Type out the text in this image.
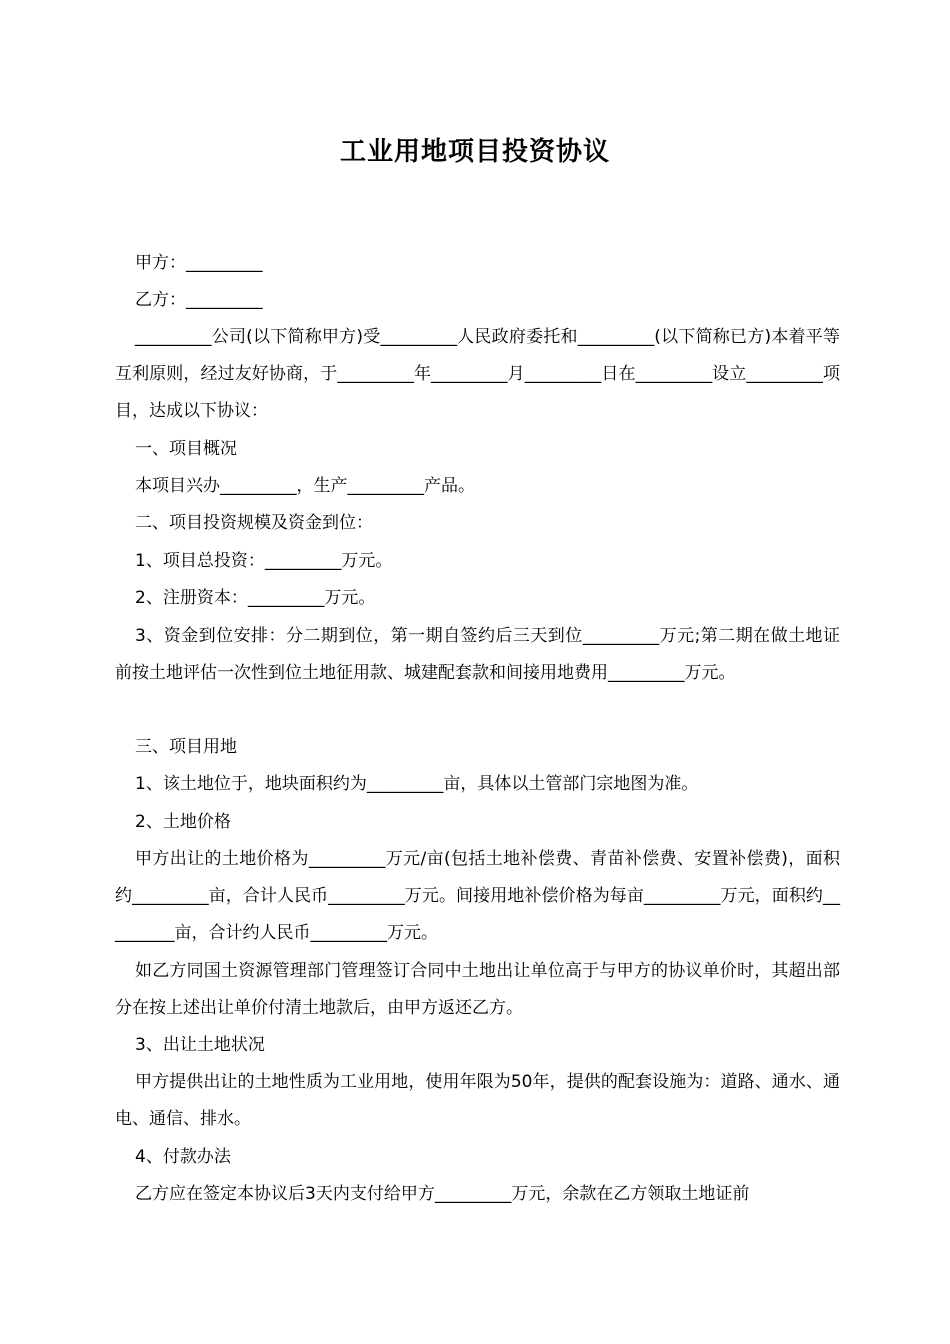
工业用地项目投资协议

甲方：_________

乙方：_________

_________公司(以下简称甲方)受_________人民政府委托和_________(以下简称已方)本着平等互利原则，经过友好协商，于_________年_________月_________日在_________设立_________项目，达成以下协议：

一、项目概况

本项目兴办_________，生产_________产品。

二、项目投资规模及资金到位：

1、项目总投资：_________万元。

2、注册资本：_________万元。

3、资金到位安排：分二期到位，第一期自签约后三天到位_________万元;第二期在做土地证前按土地评估一次性到位土地征用款、城建配套款和间接用地费用_________万元。

三、项目用地

1、该土地位于，地块面积约为_________亩，具体以土管部门宗地图为准。

2、土地价格

甲方出让的土地价格为_________万元/亩(包括土地补偿费、青苗补偿费、安置补偿费)，面积约_________亩，合计人民币_________万元。间接用地补偿价格为每亩_________万元，面积约_________亩，合计约人民币_________万元。

如乙方同国土资源管理部门管理签订合同中土地出让单位高于与甲方的协议单价时，其超出部分在按上述出让单价付清土地款后，由甲方返还乙方。

3、出让土地状况

甲方提供出让的土地性质为工业用地，使用年限为50年，提供的配套设施为：道路、通水、通电、通信、排水。

4、付款办法

乙方应在签定本协议后3天内支付给甲方_________万元，余款在乙方领取土地证前
